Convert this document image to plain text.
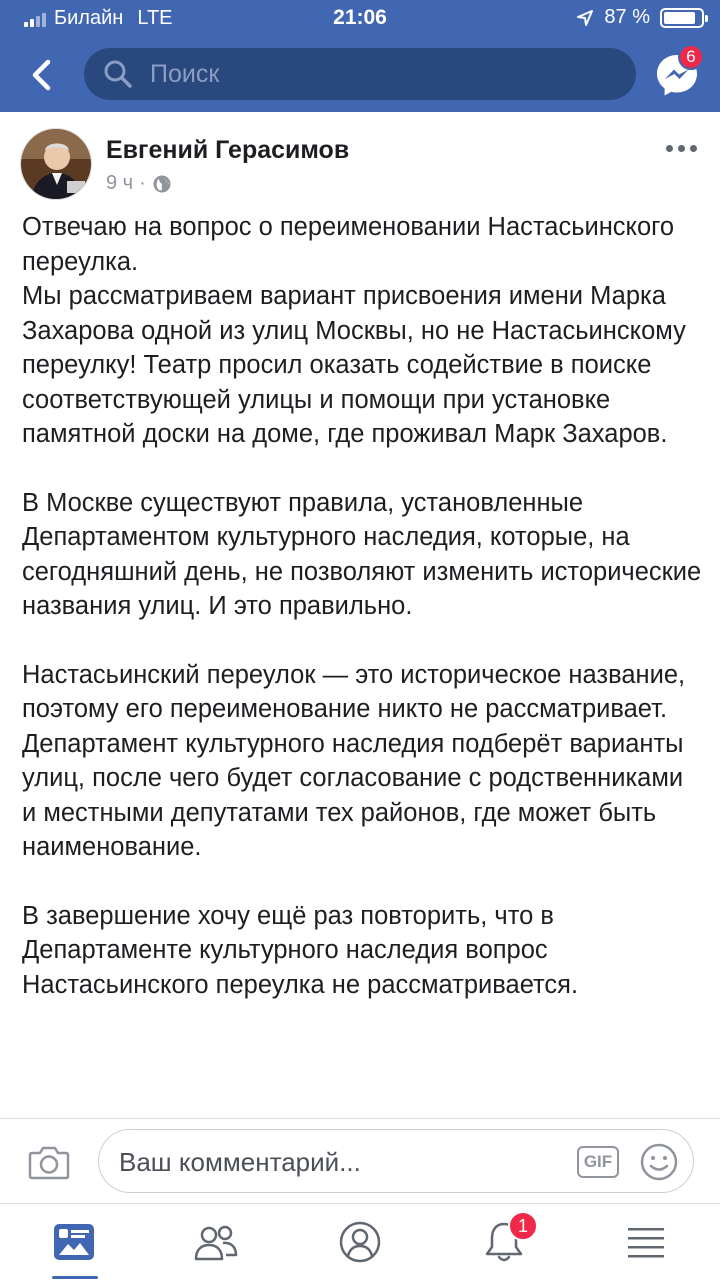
Билайн LTE	21:06	87 %
Поиск
6
Евгений Герасимов
9 ч ·

Отвечаю на вопрос о переименовании Настасьинского переулка.
Мы рассматриваем вариант присвоения имени Марка Захарова одной из улиц Москвы, но не Настасьинскому переулку! Театр просил оказать содействие в поиске соответствующей улицы и помощи при установке памятной доски на доме, где проживал Марк Захаров.

В Москве существуют правила, установленные Департаментом культурного наследия, которые, на сегодняшний день, не позволяют изменить исторические названия улиц. И это правильно.

Настасьинский переулок — это историческое название, поэтому его переименование никто не рассматривает. Департамент культурного наследия подберёт варианты улиц, после чего будет согласование с родственниками и местными депутатами тех районов, где может быть наименование.

В завершение хочу ещё раз повторить, что в Департаменте культурного наследия вопрос Настасьинского переулка не рассматривается.

Ваш комментарий...
GIF
1
